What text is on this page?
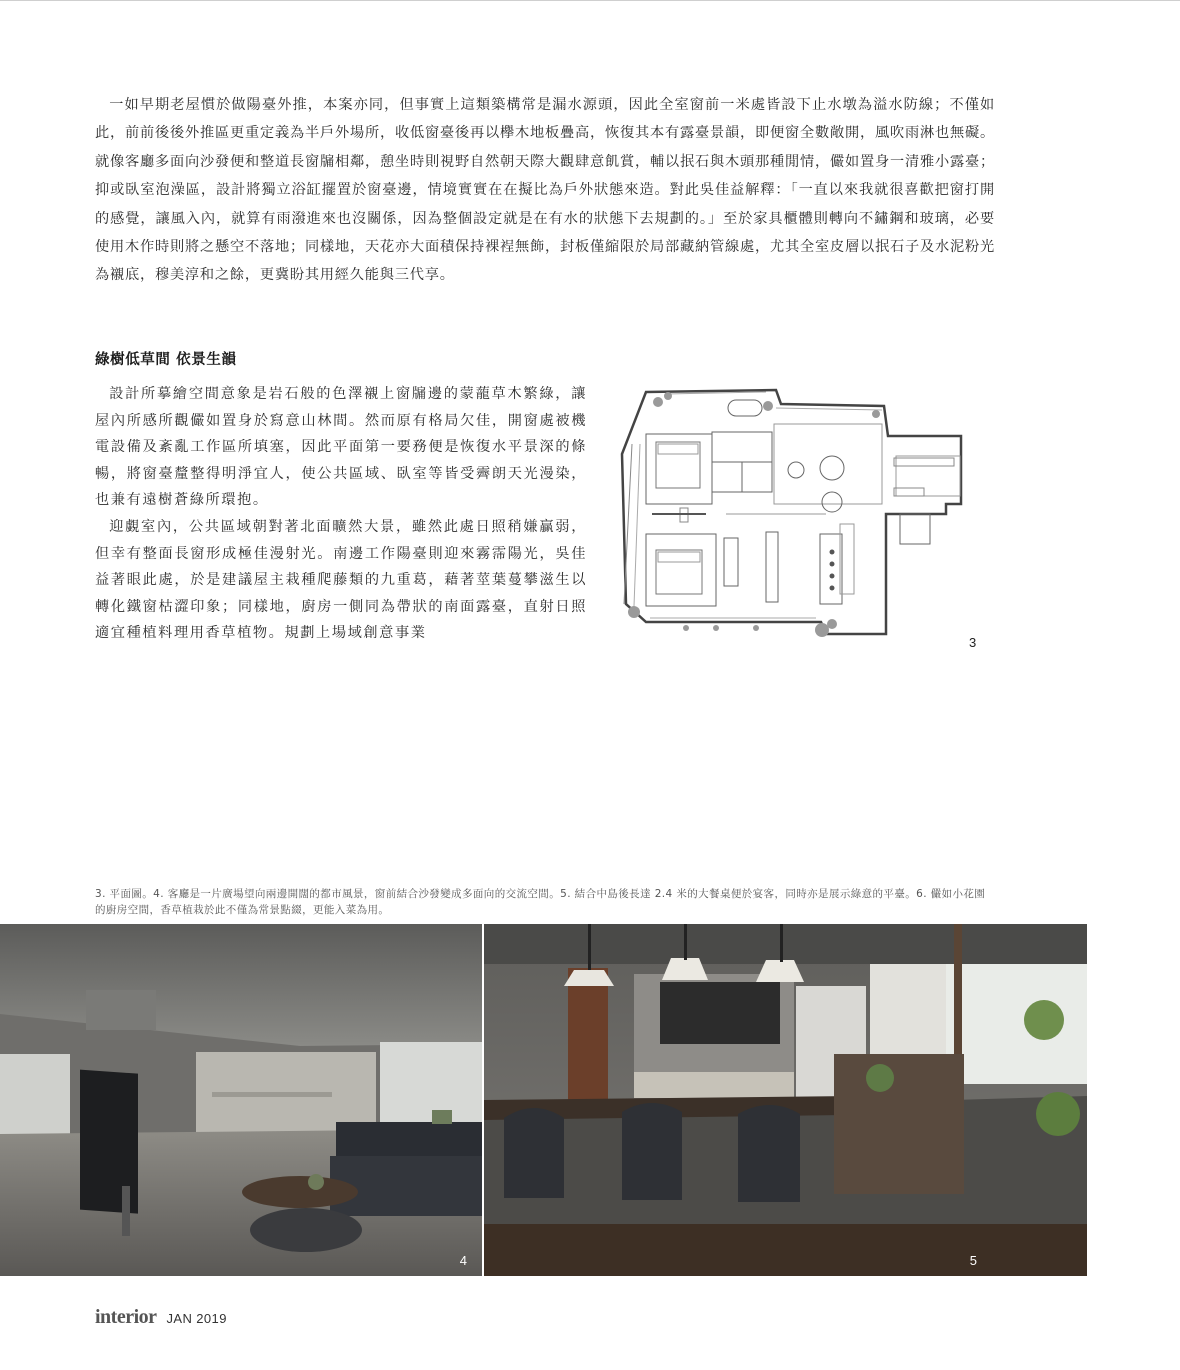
一如早期老屋慣於做陽臺外推，本案亦同，但事實上這類築構常是漏水源頭，因此全室窗前一米處皆設下止水墩為溢水防線；不僅如此，前前後後外推區更重定義為半戶外場所，收低窗臺後再以欅木地板疊高，恢復其本有露臺景韻，即便窗全數敞開，風吹雨淋也無礙。就像客廳多面向沙發便和整道長窗牖相鄰，憩坐時則視野自然朝天際大觀肆意飢賞，輔以抿石與木頭那種閒情，儼如置身一清雅小露臺；抑或臥室泡澡區，設計將獨立浴缸擺置於窗臺邊，情境實實在在擬比為戶外狀態來造。對此吳佳益解釋：「一直以來我就很喜歡把窗打開的感覺，讓風入內，就算有雨潑進來也沒關係，因為整個設定就是在有水的狀態下去規劃的。」至於家具櫃體則轉向不鏽鋼和玻璃，必要使用木作時則將之懸空不落地；同樣地，天花亦大面積保持裸裎無飾，封板僅縮限於局部藏納管線處，尤其全室皮層以抿石子及水泥粉光為襯底，穆美淳和之餘，更冀盼其用經久能與三代享。

綠樹低草間 依景生韻

設計所摹繪空間意象是岩石般的色澤襯上窗牖邊的蒙蘢草木繁綠，讓屋內所感所觀儼如置身於寫意山林間。然而原有格局欠佳，開窗處被機電設備及紊亂工作區所填塞，因此平面第一要務便是恢復水平景深的條暢，將窗臺釐整得明淨宜人，使公共區域、臥室等皆受霽朗天光漫染，也兼有遠樹蒼綠所環抱。

迎覷室內，公共區域朝對著北面曠然大景，雖然此處日照稍嫌贏弱，但幸有整面長窗形成極佳漫射光。南邊工作陽臺則迎來霧霈陽光，吳佳益著眼此處，於是建議屋主栽種爬藤類的九重葛，藉著莖葉蔓攀滋生以轉化鐵窗枯澀印象；同樣地，廚房一側同為帶狀的南面露臺，直射日照適宜種植料理用香草植物。規劃上場域創意事業

3

3. 平面圖。4. 客廳是一片廣場望向兩邊開闊的都市風景，窗前結合沙發變成多面向的交流空間。5. 結合中島後長達 2.4 米的大餐桌便於宴客，同時亦是展示綠意的平臺。6. 儼如小花園的廚房空間，香草植栽於此不僅為常景點綴，更能入菜為用。

4	5
interior JAN 2019
